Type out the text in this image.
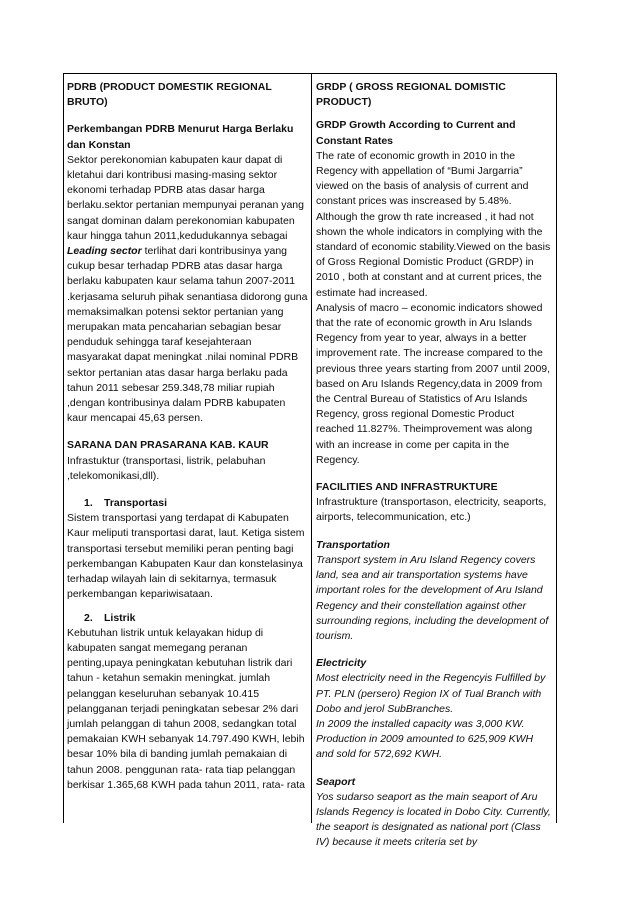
PDRB (PRODUCT DOMESTIK REGIONAL BRUTO)

Perkembangan PDRB Menurut Harga Berlaku dan Konstan

Sektor perekonomian kabupaten kaur dapat di kletahui dari kontribusi masing-masing sektor ekonomi terhadap PDRB atas dasar harga berlaku.sektor pertanian mempunyai peranan yang sangat dominan dalam perekonomian kabupaten kaur hingga tahun 2011,kedudukannya sebagai Leading sector terlihat dari kontribusinya yang cukup besar terhadap PDRB atas dasar harga berlaku kabupaten kaur selama tahun 2007-2011 .kerjasama seluruh pihak senantiasa didorong guna memaksimalkan potensi sektor pertanian yang merupakan mata pencaharian sebagian besar penduduk sehingga taraf kesejahteraan masyarakat dapat meningkat .nilai nominal PDRB sektor pertanian atas dasar harga berlaku pada tahun 2011 sebesar 259.348,78 miliar rupiah ,dengan kontribusinya dalam PDRB kabupaten kaur mencapai 45,63 persen.

SARANA DAN PRASARANA KAB. KAUR

Infrastuktur (transportasi, listrik, pelabuhan ,telekomonikasi,dll).

1. Transportasi

Sistem transportasi yang terdapat di Kabupaten Kaur meliputi transportasi darat, laut. Ketiga sistem transportasi tersebut memiliki peran penting bagi perkembangan Kabupaten Kaur dan konstelasinya terhadap wilayah lain di sekitarnya, termasuk perkembangan kepariwisataan.

2. Listrik

Kebutuhan listrik untuk kelayakan hidup di kabupaten sangat memegang peranan penting,upaya peningkatan kebutuhan listrik dari tahun - ketahun semakin meningkat. jumlah pelanggan keseluruhan sebanyak 10.415 pelangganan terjadi peningkatan sebesar 2% dari jumlah pelanggan di tahun 2008, sedangkan total pemakaian KWH sebanyak 14.797.490 KWH, lebih besar 10% bila di banding jumlah pemakaian di tahun 2008. penggunan rata- rata tiap pelanggan berkisar 1.365,68 KWH pada tahun 2011, rata- rata

GRDP ( GROSS REGIONAL DOMISTIC PRODUCT)

GRDP Growth According to Current and Constant Rates

The rate of economic growth in 2010 in the Regency with appellation of “Bumi Jargarria” viewed on the basis of analysis of current and constant prices was inscreased by 5.48%. Although the grow th rate increased , it had not shown the whole indicators in complying with the standard of economic stability.Viewed on the basis of Gross Regional Domistic Product (GRDP) in 2010 , both at constant and at current prices, the estimate had increased.

Analysis of macro – economic indicators showed that the rate of economic growth in Aru Islands Regency from year to year, always in a better improvement rate. The increase compared to the previous three years starting from 2007 until 2009, based on Aru Islands Regency,data in 2009 from the Central Bureau of Statistics of Aru Islands Regency, gross regional Domestic Product reached 11.827%. Theimprovement was along with an increase in come per capita in the Regency.

FACILITIES AND INFRASTRUKTURE

Infrastrukture (transportason, electricity, seaports, airports, telecommunication, etc.)

Transportation

Transport system in Aru Island Regency covers land, sea and air transportation systems have important roles for the development of Aru Island Regency and their constellation against other surrounding regions, including the development of tourism.

Electricity

Most electricity need in the Regencyis Fulfilled by PT. PLN (persero) Region IX of Tual Branch with Dobo and jerol SubBranches.

In 2009 the installed capacity was 3,000 KW. Production in 2009 amounted to 625,909 KWH and sold for 572,692 KWH.

Seaport

Yos sudarso seaport as the main seaport of Aru Islands Regency is located in Dobo City. Currently, the seaport is designated as national port (Class IV) because it meets criteria set by
